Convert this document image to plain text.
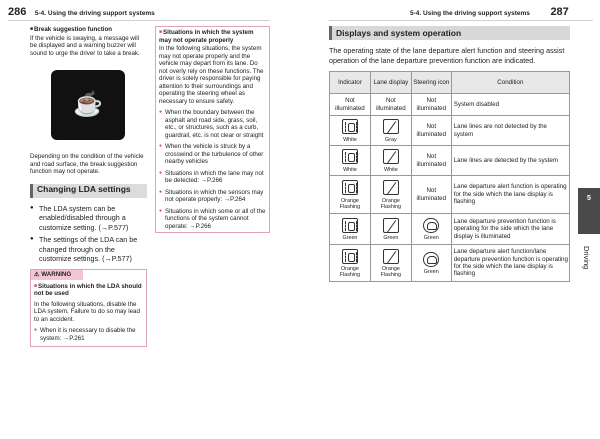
286 5-4. Using the driving support systems	5-4. Using the driving support systems 287
■ Break suggestion function
If the vehicle is swaying, a message will be displayed and a warning buzzer will sound to urge the driver to take a break.
☕
Depending on the condition of the vehicle and road surface, the break suggestion function may not operate.
Changing LDA settings
● The LDA system can be enabled/disabled through a customize setting. (→P.577)
● The settings of the LDA can be changed through on the customize settings. (→P.577)
⚠ WARNING
■ Situations in which the LDA should not be used
In the following situations, disable the LDA system. Failure to do so may lead to an accident.
● When it is necessary to disable the system: →P.261
■ Situations in which the system may not operate properly
In the following situations, the system may not operate properly and the vehicle may depart from its lane. Do not overly rely on these functions. The driver is solely responsible for paying attention to their surroundings and operating the steering wheel as necessary to ensure safety.
● When the boundary between the asphalt and road side, grass, soil, etc., or structures, such as a curb, guardrail, etc. is not clear or straight
● When the vehicle is struck by a crosswind or the turbulence of other nearby vehicles
● Situations in which the lane may not be detected: →P.266
● Situations in which the sensors may not operate properly: →P.264
● Situations in which some or all of the functions of the system cannot operate: →P.266
Displays and system operation
The operating state of the lane departure alert function and steering assist operation of the lane departure prevention function are indicated.
Indicator	Lane display	Steering icon	Condition
Not illuminated	Not illuminated	Not illuminated	System disabled

White	Gray	Not illuminated	Lane lines are not detected by the system

White	White	Not illuminated	Lane lines are detected by the system

Orange Flashing	Orange Flashing	Not illuminated	Lane departure alert function is operating for the side which the lane display is flashing

Green	Green	Green	Lane departure prevention function is operating for the side which the lane display is illuminated

Orange Flashing	Orange Flashing	Green	Lane departure alert function/lane departure prevention function is operating for the side which the lane display is flashing
5
Driving
